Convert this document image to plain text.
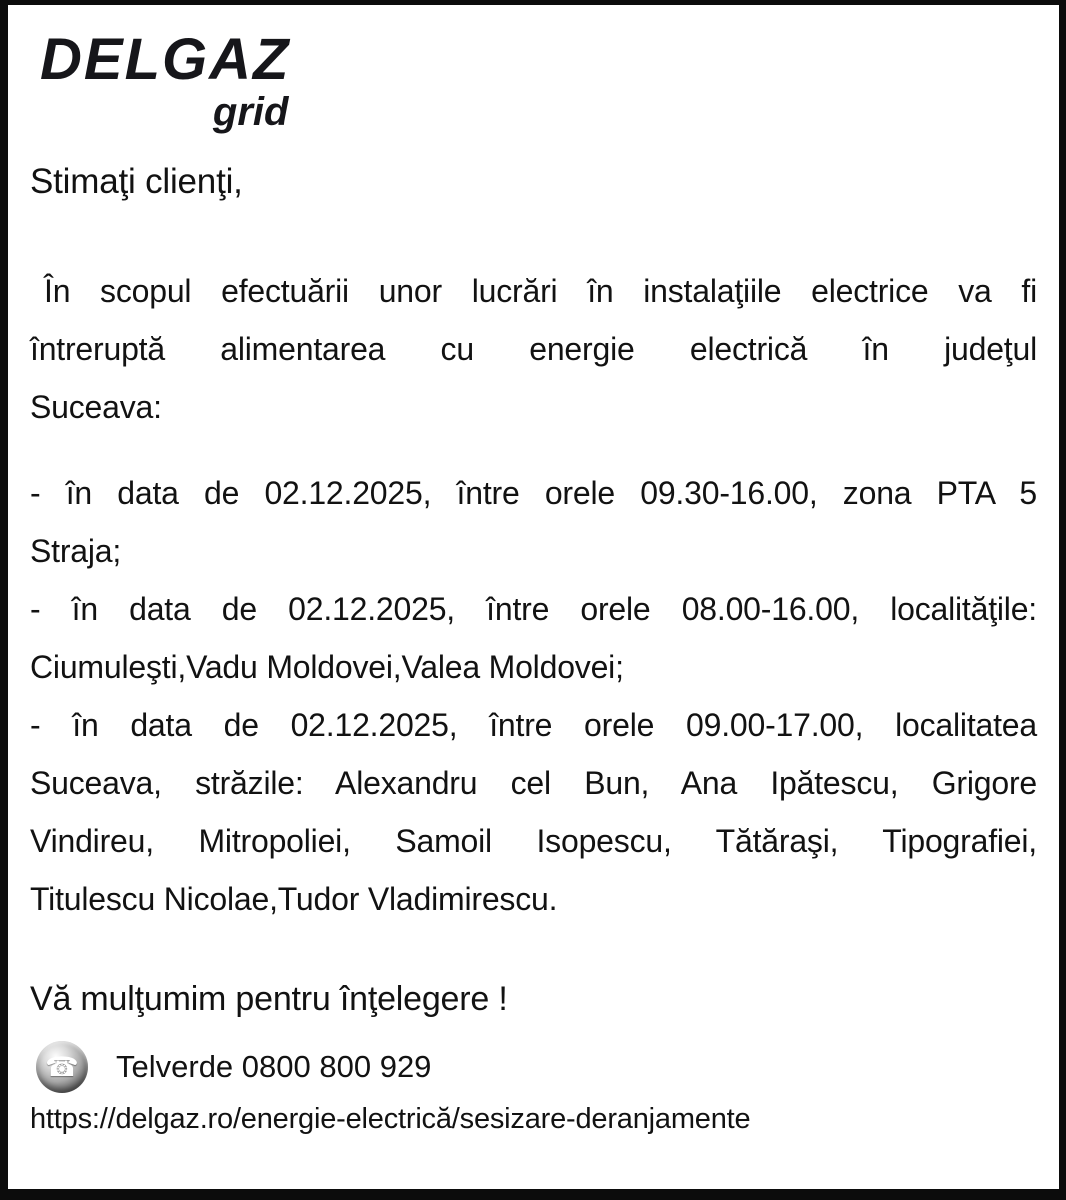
DELGAZ
grid
Stimaţi clienţi,
În scopul efectuării unor lucrări în instalaţiile electrice va fi
întreruptă alimentarea cu energie electrică în judeţul
Suceava:
- în data de 02.12.2025, între orele 09.30-16.00, zona PTA 5
Straja;
- în data de 02.12.2025, între orele 08.00-16.00, localităţile:
Ciumuleşti,Vadu Moldovei,Valea Moldovei;
- în data de 02.12.2025, între orele 09.00-17.00, localitatea
Suceava, străzile: Alexandru cel Bun, Ana Ipătescu, Grigore
Vindireu, Mitropoliei, Samoil Isopescu, Tătăraşi, Tipografiei,
Titulescu Nicolae,Tudor Vladimirescu.
Vă mulţumim pentru înţelegere !
☎ Telverde 0800 800 929
https://delgaz.ro/energie-electrică/sesizare-deranjamente
